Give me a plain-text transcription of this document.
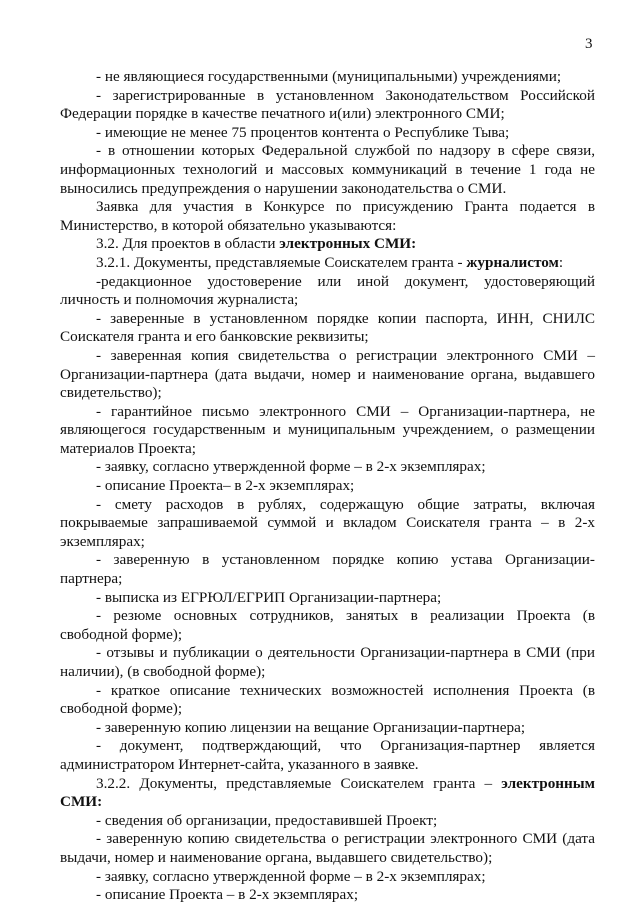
3

- не являющиеся государственными (муниципальными) учреждениями;

- зарегистрированные в установленном Законодательством Российской Федерации порядке в качестве печатного и(или) электронного СМИ;

- имеющие не менее 75 процентов контента о Республике Тыва;

- в отношении которых Федеральной службой по надзору в сфере связи, информационных технологий и массовых коммуникаций в течение 1 года не выносились предупреждения о нарушении законодательства о СМИ.

Заявка для участия в Конкурсе по присуждению Гранта подается в Министерство, в которой обязательно указываются:

3.2. Для проектов в области электронных СМИ:

3.2.1. Документы, представляемые Соискателем гранта - журналистом:

-редакционное удостоверение или иной документ, удостоверяющий личность и полномочия журналиста;

- заверенные в установленном порядке копии паспорта, ИНН, СНИЛС Соискателя гранта и его банковские реквизиты;

- заверенная копия свидетельства о регистрации электронного СМИ – Организации-партнера (дата выдачи, номер и наименование органа, выдавшего свидетельство);

- гарантийное письмо электронного СМИ – Организации-партнера, не являющегося государственным и муниципальным учреждением, о размещении материалов Проекта;

- заявку, согласно утвержденной форме – в 2-х экземплярах;

- описание Проекта– в 2-х экземплярах;

- смету расходов в рублях, содержащую общие затраты, включая покрываемые запрашиваемой суммой и вкладом Соискателя гранта – в 2-х экземплярах;

- заверенную в установленном порядке копию устава Организации-партнера;

- выписка из ЕГРЮЛ/ЕГРИП Организации-партнера;

- резюме основных сотрудников, занятых в реализации Проекта (в свободной форме);

- отзывы и публикации о деятельности Организации-партнера в СМИ (при наличии), (в свободной форме);

- краткое описание технических возможностей исполнения Проекта (в свободной форме);

- заверенную копию лицензии на вещание Организации-партнера;

- документ, подтверждающий, что Организация-партнер является администратором Интернет-сайта, указанного в заявке.

3.2.2. Документы, представляемые Соискателем гранта – электронным СМИ:

- сведения об организации, предоставившей Проект;

- заверенную копию свидетельства о регистрации электронного СМИ (дата выдачи, номер и наименование органа, выдавшего свидетельство);

- заявку, согласно утвержденной форме – в 2-х экземплярах;

- описание Проекта – в 2-х экземплярах;
